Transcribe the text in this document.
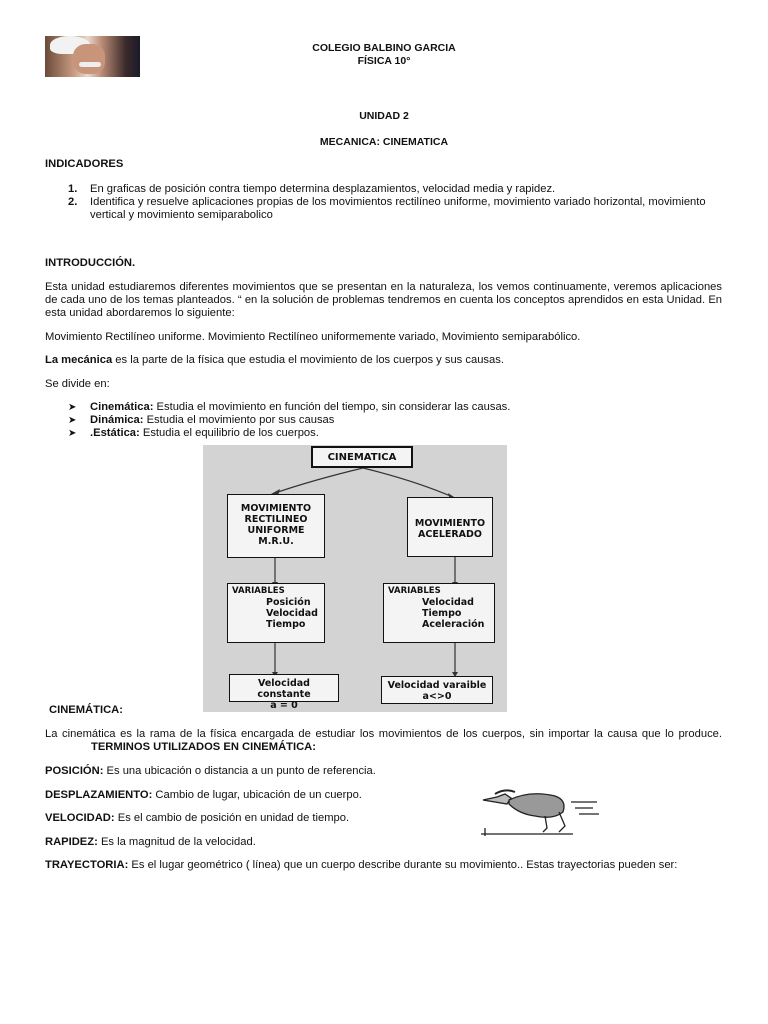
COLEGIO BALBINO GARCIA
FÍSICA 10°
UNIDAD 2
MECANICA: CINEMATICA
INDICADORES
1. En graficas de posición contra tiempo determina desplazamientos, velocidad media y rapidez.
2. Identifica y resuelve aplicaciones propias de los movimientos rectilíneo uniforme, movimiento variado horizontal, movimiento vertical y movimiento semiparabolico
INTRODUCCIÓN.
Esta unidad estudiaremos diferentes movimientos que se presentan en la naturaleza, los vemos continuamente, veremos aplicaciones de cada uno de los temas planteados. “ en la solución de problemas tendremos en cuenta los conceptos aprendidos en esta Unidad. En esta unidad abordaremos lo siguiente:
Movimiento Rectilíneo uniforme. Movimiento Rectilíneo uniformemente variado, Movimiento semiparabólico.
La mecánica es la parte de la física que estudia el movimiento de los cuerpos y sus causas.
Se divide en:
➤ Cinemática: Estudia el movimiento en función del tiempo, sin considerar las causas.
➤ Dinámica: Estudia el movimiento por sus causas
➤ .Estática: Estudia el equilibrio de los cuerpos.
CINEMATICA
MOVIMIENTO
RECTILINEO
UNIFORME
M.R.U.
MOVIMIENTO
ACELERADO
VARIABLES
Posición
Velocidad
Tiempo
VARIABLES
Velocidad
Tiempo
Aceleración
Velocidad constante
a = 0
Velocidad varaible
a<>0
CINEMÁTICA:
La cinemática es la rama de la física encargada de estudiar los movimientos de los cuerpos, sin importar la causa que lo produce. TERMINOS UTILIZADOS EN CINEMÁTICA:
POSICIÓN: Es una ubicación o distancia a un punto de referencia.
DESPLAZAMIENTO: Cambio de lugar, ubicación de un cuerpo.
VELOCIDAD: Es el cambio de posición en unidad de tiempo.
RAPIDEZ: Es la magnitud de la velocidad.
TRAYECTORIA: Es el lugar geométrico ( línea) que un cuerpo describe durante su movimiento.. Estas trayectorias pueden ser:
